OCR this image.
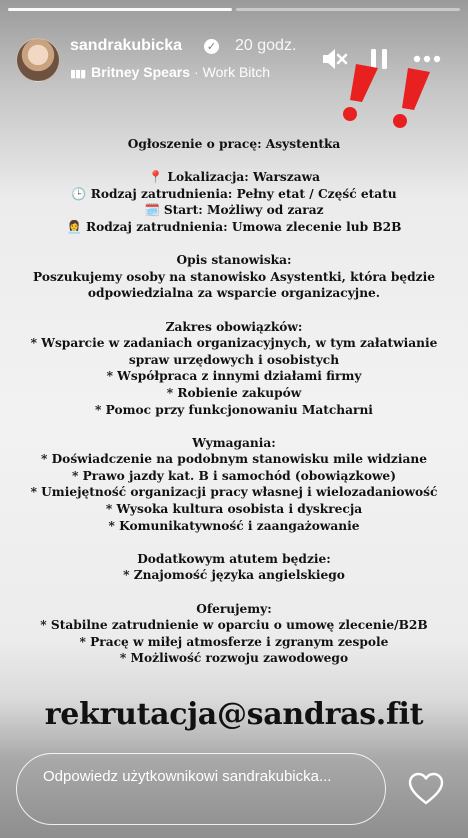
sandrakubicka ✓ 20 godz.
▮▮▮ Britney Spears · Work Bitch
Ogłoszenie o pracę: Asystentka
📍 Lokalizacja: Warszawa
🕒 Rodzaj zatrudnienia: Pełny etat / Część etatu
🗓️ Start: Możliwy od zaraz
👩‍💼 Rodzaj zatrudnienia: Umowa zlecenie lub B2B
Opis stanowiska:
Poszukujemy osoby na stanowisko Asystentki, która będzie
odpowiedzialna za wsparcie organizacyjne.
Zakres obowiązków:
* Wsparcie w zadaniach organizacyjnych, w tym załatwianie
spraw urzędowych i osobistych
* Współpraca z innymi działami firmy
* Robienie zakupów
* Pomoc przy funkcjonowaniu Matcharni
Wymagania:
* Doświadczenie na podobnym stanowisku mile widziane
* Prawo jazdy kat. B i samochód (obowiązkowe)
* Umiejętność organizacji pracy własnej i wielozadaniowość
* Wysoka kultura osobista i dyskrecja
* Komunikatywność i zaangażowanie
Dodatkowym atutem będzie:
* Znajomość języka angielskiego
Oferujemy:
* Stabilne zatrudnienie w oparciu o umowę zlecenie/B2B
* Pracę w miłej atmosferze i zgranym zespole
* Możliwość rozwoju zawodowego
rekrutacja@sandras.fit
Odpowiedz użytkownikowi sandrakubicka...
